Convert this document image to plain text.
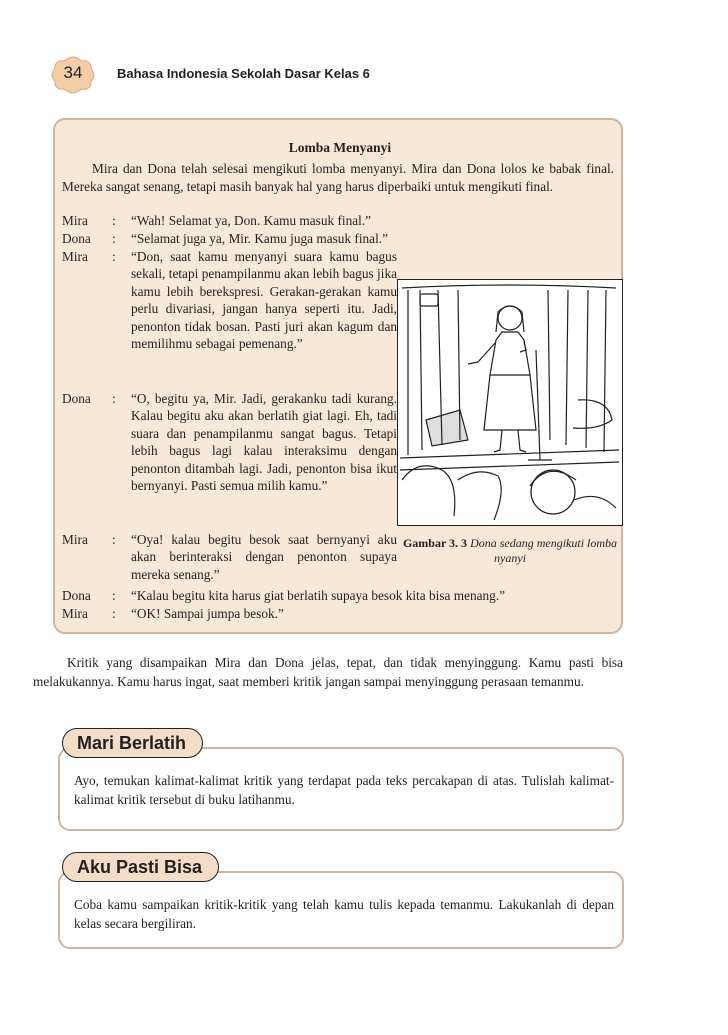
34	Bahasa Indonesia Sekolah Dasar Kelas 6
Lomba Menyanyi
Mira dan Dona telah selesai mengikuti lomba menyanyi. Mira dan Dona lolos ke babak final. Mereka sangat senang, tetapi masih banyak hal yang harus diperbaiki untuk mengikuti final.
Mira	:	“Wah! Selamat ya, Don. Kamu masuk final.”
Dona	:	“Selamat juga ya, Mir. Kamu juga masuk final.”
Mira	:	“Don, saat kamu menyanyi suara kamu bagus sekali, tetapi penampilanmu akan lebih bagus jika kamu lebih berekspresi. Gerakan-gerakan kamu perlu divariasi, jangan hanya seperti itu. Jadi, penonton tidak bosan. Pasti juri akan kagum dan memilihmu sebagai pemenang.”
Dona	:	“O, begitu ya, Mir. Jadi, gerakanku tadi kurang. Kalau begitu aku akan berlatih giat lagi. Eh, tadi suara dan penampilanmu sangat bagus. Tetapi lebih bagus lagi kalau interaksimu dengan penonton ditambah lagi. Jadi, penonton bisa ikut bernyanyi. Pasti semua milih kamu.”
Mira	:	“Oya! kalau begitu besok saat bernyanyi aku akan berinteraksi dengan penonton supaya mereka senang.”
Dona	:	“Kalau begitu kita harus giat berlatih supaya besok kita bisa menang.”
Mira	:	“OK! Sampai jumpa besok.”
Gambar 3. 3 Dona sedang mengikuti lomba nyanyi
Kritik yang disampaikan Mira dan Dona jelas, tepat, dan tidak menyinggung. Kamu pasti bisa melakukannya. Kamu harus ingat, saat memberi kritik jangan sampai menyinggung perasaan temanmu.
Ayo, temukan kalimat-kalimat kritik yang terdapat pada teks percakapan di atas. Tulislah kalimat-kalimat kritik tersebut di buku latihanmu.
Mari Berlatih
Coba kamu sampaikan kritik-kritik yang telah kamu tulis kepada temanmu. Lakukanlah di depan kelas secara bergiliran.
Aku Pasti Bisa
